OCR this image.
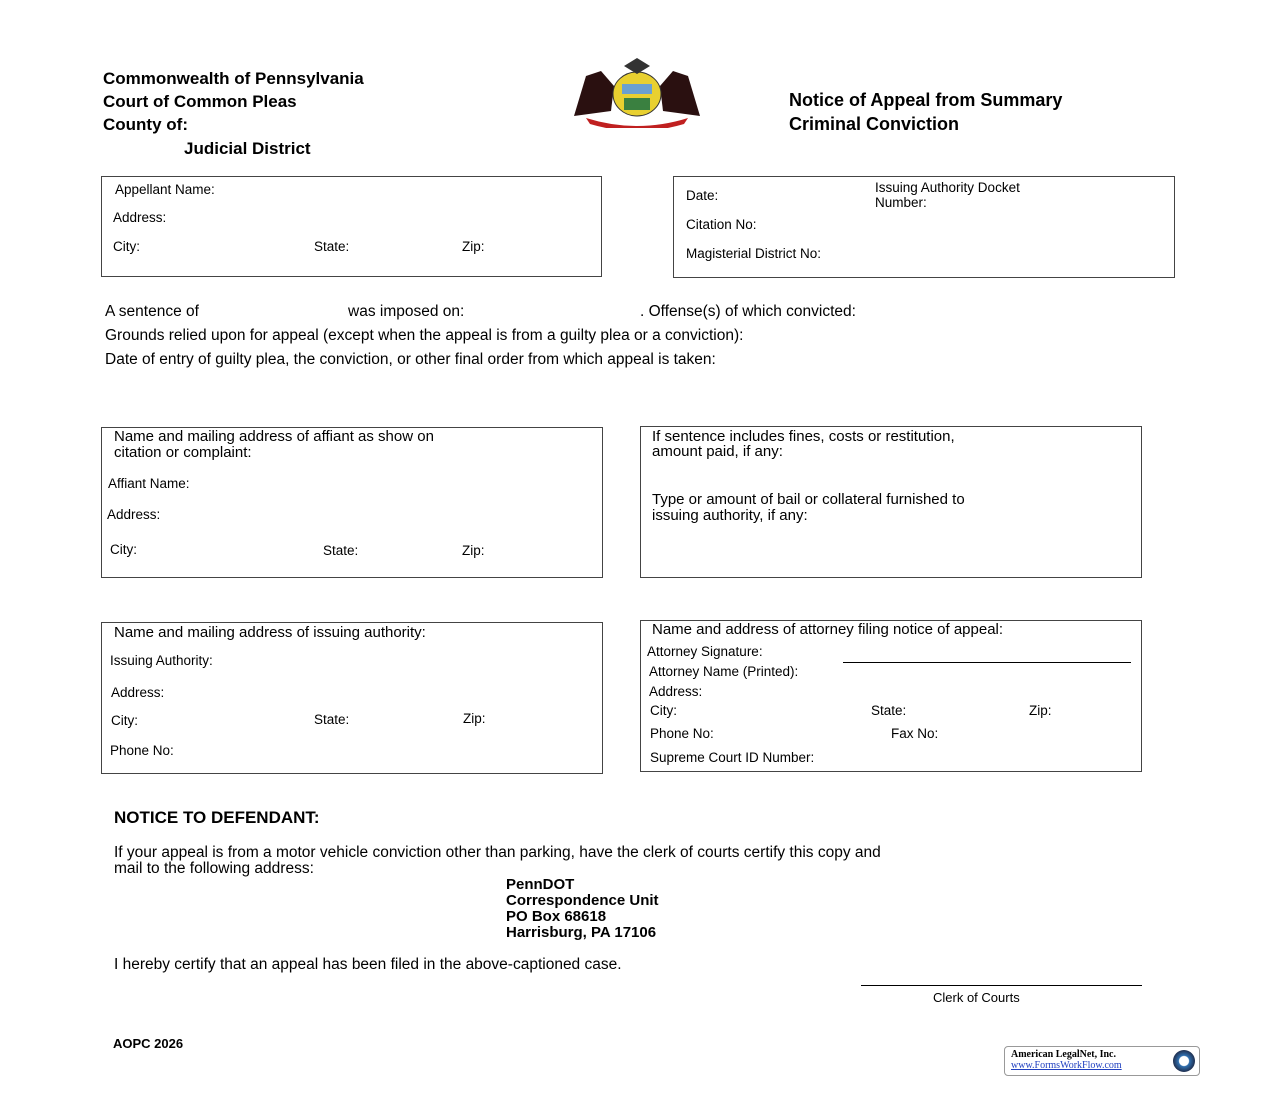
Commonwealth of Pennsylvania
Court of Common Pleas
County of:
Judicial District
Notice of Appeal from Summary
Criminal Conviction
Appellant Name:
Address:
City:	State:	Zip:
Date:
Issuing Authority Docket
Number:
Citation No:
Magisterial District No:
A sentence of	was imposed on:	. Offense(s) of which convicted:
Grounds relied upon for appeal (except when the appeal is from a guilty plea or a conviction):
Date of entry of guilty plea, the conviction, or other final order from which appeal is taken:
Name and mailing address of affiant as show on
citation or complaint:
Affiant Name:
Address:
City:	State:	Zip:
If sentence includes fines, costs or restitution,
amount paid, if any:
Type or amount of bail or collateral furnished to
issuing authority, if any:
Name and mailing address of issuing authority:
Issuing Authority:
Address:
City:	State:	Zip:
Phone No:
Name and address of attorney filing notice of appeal:
Attorney Signature:
Attorney Name (Printed):
Address:
City:	State:	Zip:
Phone No:	Fax No:
Supreme Court ID Number:
NOTICE TO DEFENDANT:
If your appeal is from a motor vehicle conviction other than parking, have the clerk of courts certify this copy and
mail to the following address:
PennDOT
Correspondence Unit
PO Box 68618
Harrisburg, PA 17106
I hereby certify that an appeal has been filed in the above-captioned case.
Clerk of Courts
AOPC 2026
American LegalNet, Inc.
www.FormsWorkFlow.com
